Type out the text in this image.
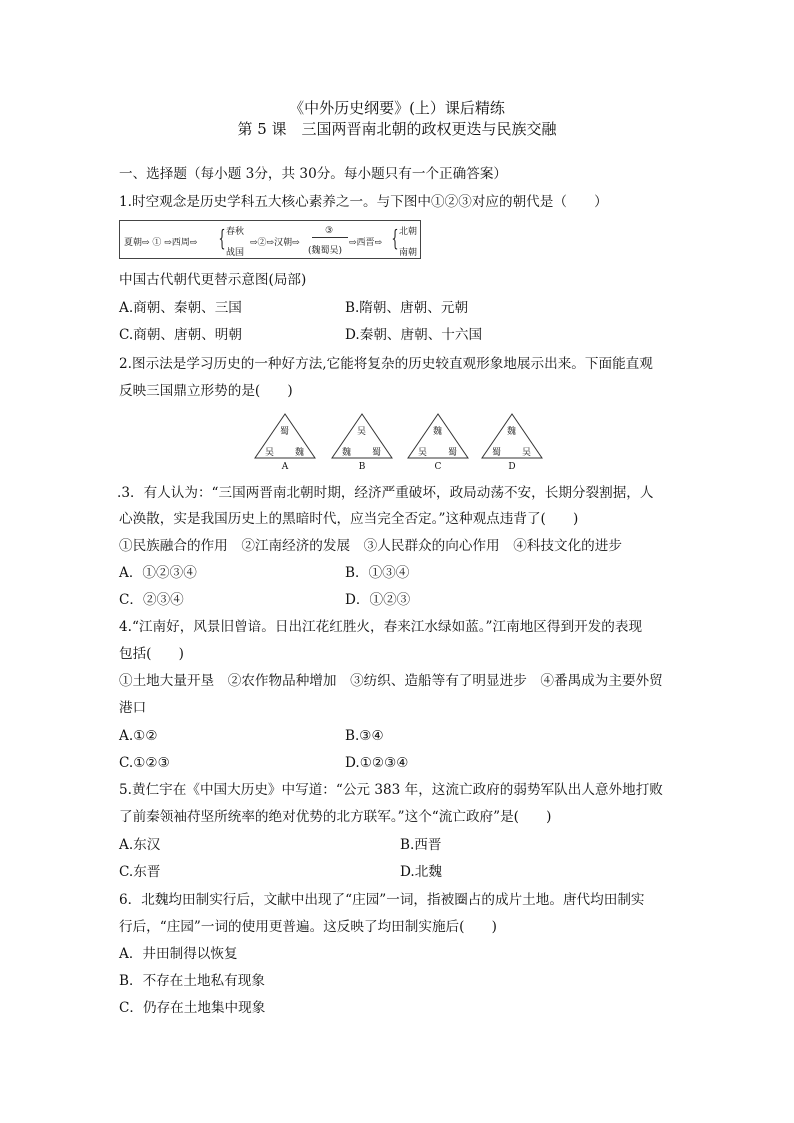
《中外历史纲要》(上）课后精练
第 5 课　三国两晋南北朝的政权更迭与民族交融
一、选择题（每小题 3分，共 30分。每小题只有一个正确答案）
1.时空观念是历史学科五大核心素养之一。与下图中①②③对应的朝代是（　　）
夏朝⇨ ① ⇨西周⇨ { 春秋
战国
⇨②⇨汉朝⇨
③
(魏蜀吴)
⇨西晋⇨ { 北朝
南朝
中国古代朝代更替示意图(局部)
A.商朝、秦朝、三国	B.隋朝、唐朝、元朝
C.商朝、唐朝、明朝	D.秦朝、唐朝、十六国
2.图示法是学习历史的一种好方法,它能将复杂的历史较直观形象地展示出来。下面能直观
反映三国鼎立形势的是(　　)
蜀
吴 魏
A
吴
魏 蜀
B
魏
吴 蜀
C
魏
蜀 吴
D
.3．有人认为：“三国两晋南北朝时期，经济严重破坏，政局动荡不安，长期分裂割据，人
心涣散，实是我国历史上的黑暗时代，应当完全否定。”这种观点违背了(　　)
①民族融合的作用　②江南经济的发展　③人民群众的向心作用　④科技文化的进步
A．①②③④	B．①③④
C．②③④	D．①②③
4.“江南好，风景旧曾谙。日出江花红胜火，春来江水绿如蓝。”江南地区得到开发的表现
包括(　　)
①土地大量开垦　②农作物品种增加　③纺织、造船等有了明显进步　④番禺成为主要外贸
港口
A.①②	B.③④
C.①②③	D.①②③④
5.黄仁宇在《中国大历史》中写道：“公元 383 年，这流亡政府的弱势军队出人意外地打败
了前秦领袖苻坚所统率的绝对优势的北方联军。”这个“流亡政府”是(　　)
A.东汉	B.西晋
C.东晋	D.北魏
6．北魏均田制实行后，文献中出现了“庄园”一词，指被圈占的成片土地。唐代均田制实
行后，“庄园”一词的使用更普遍。这反映了均田制实施后(　　)
A．井田制得以恢复
B．不存在土地私有现象
C．仍存在土地集中现象
